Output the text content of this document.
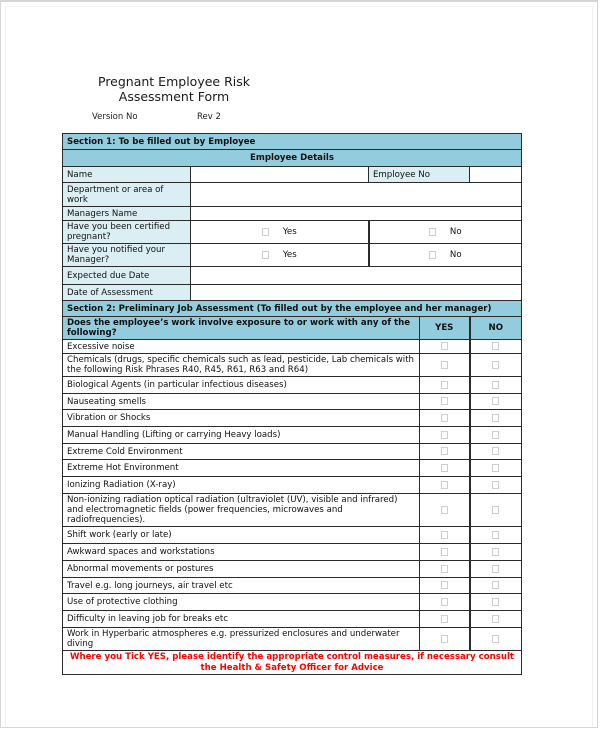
Pregnant Employee Risk
Assessment Form
Version No	Rev 2
Section 1: To be filled out by Employee				
Employee Details				
Name		Employee No		
Department or area of work				
Managers Name				
Have you been certified pregnant?	Yes	No		
Have you notified your Manager?	Yes	No		
Expected due Date				
Date of Assessment				
Section 2: Preliminary Job Assessment (To filled out by the employee and her manager)				
Does the employee’s work involve exposure to or work with any of the following?			YES	NO
Excessive noise				
Chemicals (drugs, specific chemicals such as lead, pesticide, Lab chemicals with the following Risk Phrases R40, R45, R61, R63 and R64)				
Biological Agents (in particular infectious diseases)				
Nauseating smells				
Vibration or Shocks				
Manual Handling (Lifting or carrying Heavy loads)				
Extreme Cold Environment				
Extreme Hot Environment				
Ionizing Radiation (X-ray)				
Non-ionizing radiation optical radiation (ultraviolet (UV), visible and infrared) and electromagnetic fields (power frequencies, microwaves and radiofrequencies).				
Shift work (early or late)				
Awkward spaces and workstations				
Abnormal movements or postures				
Travel e.g. long journeys, air travel etc				
Use of protective clothing				
Difficulty in leaving job for breaks etc				
Work in Hyperbaric atmospheres e.g. pressurized enclosures and underwater diving				
Where you Tick YES, please identify the appropriate control measures, if necessary consult the Health & Safety Officer for Advice				
